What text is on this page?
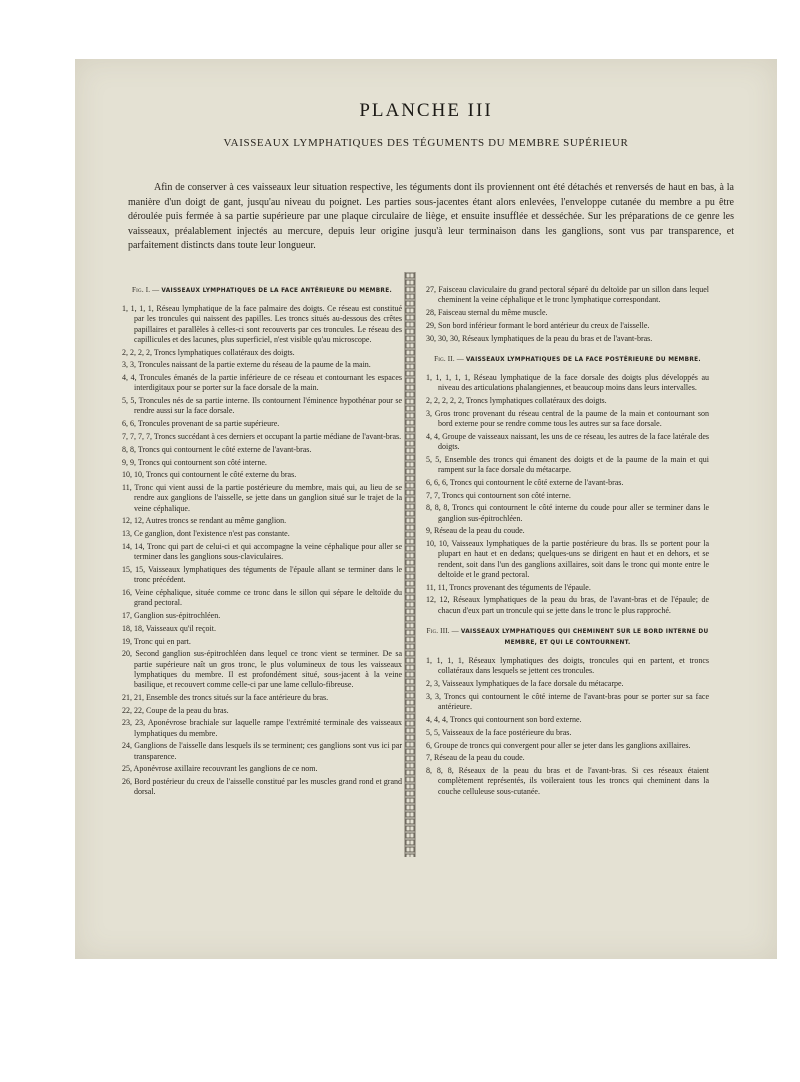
PLANCHE III
VAISSEAUX LYMPHATIQUES DES TÉGUMENTS DU MEMBRE SUPÉRIEUR

Afin de conserver à ces vaisseaux leur situation respective, les téguments dont ils proviennent ont été détachés et renversés de haut en bas, à la manière d'un doigt de gant, jusqu'au niveau du poignet. Les parties sous-jacentes étant alors enlevées, l'enveloppe cutanée du membre a pu être déroulée puis fermée à sa partie supérieure par une plaque circulaire de liège, et ensuite insufflée et desséchée. Sur les préparations de ce genre les vaisseaux, préalablement injectés au mercure, depuis leur origine jusqu'à leur terminaison dans les ganglions, sont vus par transparence, et parfaitement distincts dans toute leur longueur.

Fig. I. — VAISSEAUX LYMPHATIQUES DE LA FACE ANTÉRIEURE DU MEMBRE.

1, 1, 1, 1, Réseau lymphatique de la face palmaire des doigts. Ce réseau est constitué par les troncules qui naissent des papilles. Les troncs situés au-dessous des crêtes papillaires et parallèles à celles-ci sont recouverts par ces troncules. Le réseau des capillicules et des lacunes, plus superficiel, n'est visible qu'au microscope.

2, 2, 2, 2, Troncs lymphatiques collatéraux des doigts.

3, 3, Troncules naissant de la partie externe du réseau de la paume de la main.

4, 4, Troncules émanés de la partie inférieure de ce réseau et contournant les espaces interdigitaux pour se porter sur la face dorsale de la main.

5, 5, Troncules nés de sa partie interne. Ils contournent l'éminence hypothénar pour se rendre aussi sur la face dorsale.

6, 6, Troncules provenant de sa partie supérieure.

7, 7, 7, 7, Troncs succédant à ces derniers et occupant la partie médiane de l'avant-bras.

8, 8, Troncs qui contournent le côté externe de l'avant-bras.

9, 9, Troncs qui contournent son côté interne.

10, 10, Troncs qui contournent le côté externe du bras.

11, Tronc qui vient aussi de la partie postérieure du membre, mais qui, au lieu de se rendre aux ganglions de l'aisselle, se jette dans un ganglion situé sur le trajet de la veine céphalique.

12, 12, Autres troncs se rendant au même ganglion.

13, Ce ganglion, dont l'existence n'est pas constante.

14, 14, Tronc qui part de celui-ci et qui accompagne la veine céphalique pour aller se terminer dans les ganglions sous-claviculaires.

15, 15, Vaisseaux lymphatiques des téguments de l'épaule allant se terminer dans le tronc précédent.

16, Veine céphalique, située comme ce tronc dans le sillon qui sépare le deltoïde du grand pectoral.

17, Ganglion sus-épitrochléen.

18, 18, Vaisseaux qu'il reçoit.

19, Tronc qui en part.

20, Second ganglion sus-épitrochléen dans lequel ce tronc vient se terminer. De sa partie supérieure naît un gros tronc, le plus volumineux de tous les vaisseaux lymphatiques du membre. Il est profondément situé, sous-jacent à la veine basilique, et recouvert comme celle-ci par une lame cellulo-fibreuse.

21, 21, Ensemble des troncs situés sur la face antérieure du bras.

22, 22, Coupe de la peau du bras.

23, 23, Aponévrose brachiale sur laquelle rampe l'extrémité terminale des vaisseaux lymphatiques du membre.

24, Ganglions de l'aisselle dans lesquels ils se terminent; ces ganglions sont vus ici par transparence.

25, Aponévrose axillaire recouvrant les ganglions de ce nom.

26, Bord postérieur du creux de l'aisselle constitué par les muscles grand rond et grand dorsal.

27, Faisceau claviculaire du grand pectoral séparé du deltoïde par un sillon dans lequel cheminent la veine céphalique et le tronc lymphatique correspondant.

28, Faisceau sternal du même muscle.

29, Son bord inférieur formant le bord antérieur du creux de l'aisselle.

30, 30, 30, Réseaux lymphatiques de la peau du bras et de l'avant-bras.

Fig. II. — VAISSEAUX LYMPHATIQUES DE LA FACE POSTÉRIEURE DU MEMBRE.

1, 1, 1, 1, 1, Réseau lymphatique de la face dorsale des doigts plus développés au niveau des articulations phalangiennes, et beaucoup moins dans leurs intervalles.

2, 2, 2, 2, 2, Troncs lymphatiques collatéraux des doigts.

3, Gros tronc provenant du réseau central de la paume de la main et contournant son bord externe pour se rendre comme tous les autres sur sa face dorsale.

4, 4, Groupe de vaisseaux naissant, les uns de ce réseau, les autres de la face latérale des doigts.

5, 5, Ensemble des troncs qui émanent des doigts et de la paume de la main et qui rampent sur la face dorsale du métacarpe.

6, 6, 6, Troncs qui contournent le côté externe de l'avant-bras.

7, 7, Troncs qui contournent son côté interne.

8, 8, 8, Troncs qui contournent le côté interne du coude pour aller se terminer dans le ganglion sus-épitrochléen.

9, Réseau de la peau du coude.

10, 10, Vaisseaux lymphatiques de la partie postérieure du bras. Ils se portent pour la plupart en haut et en dedans; quelques-uns se dirigent en haut et en dehors, et se rendent, soit dans l'un des ganglions axillaires, soit dans le tronc qui monte entre le deltoïde et le grand pectoral.

11, 11, Troncs provenant des téguments de l'épaule.

12, 12, Réseaux lymphatiques de la peau du bras, de l'avant-bras et de l'épaule; de chacun d'eux part un troncule qui se jette dans le tronc le plus rapproché.

Fig. III. — VAISSEAUX LYMPHATIQUES QUI CHEMINENT SUR LE BORD INTERNE DU MEMBRE, ET QUI LE CONTOURNENT.

1, 1, 1, 1, Réseaux lymphatiques des doigts, troncules qui en partent, et troncs collatéraux dans lesquels se jettent ces troncules.

2, 3, Vaisseaux lymphatiques de la face dorsale du métacarpe.

3, 3, Troncs qui contournent le côté interne de l'avant-bras pour se porter sur sa face antérieure.

4, 4, 4, Troncs qui contournent son bord externe.

5, 5, Vaisseaux de la face postérieure du bras.

6, Groupe de troncs qui convergent pour aller se jeter dans les ganglions axillaires.

7, Réseau de la peau du coude.

8, 8, 8, Réseaux de la peau du bras et de l'avant-bras. Si ces réseaux étaient complètement représentés, ils voileraient tous les troncs qui cheminent dans la couche celluleuse sous-cutanée.
